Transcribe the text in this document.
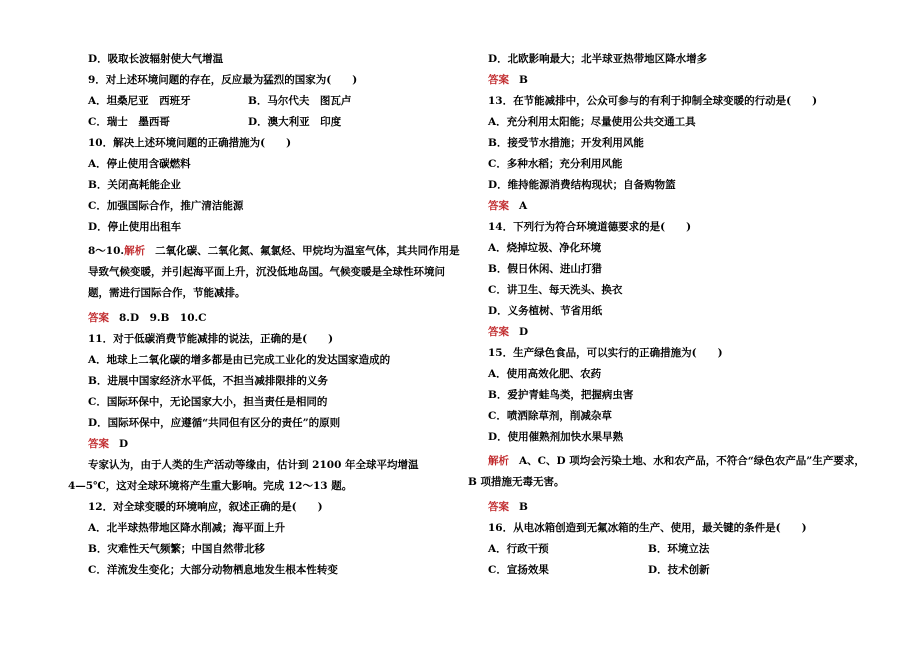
D．吸取长波辐射使大气增温
9．对上述环境问题的存在，反应最为猛烈的国家为(　　)
A．坦桑尼亚　西班牙	B．马尔代夫　图瓦卢
C．瑞士　墨西哥	D．澳大利亚　印度
10．解决上述环境问题的正确措施为(　　)
A．停止使用含碳燃料
B．关闭高耗能企业
C．加强国际合作，推广清洁能源
D．停止使用出租车
8～10.解析 二氧化碳、二氧化氮、氟氯烃、甲烷均为温室气体，其共同作用是导致气候变暖，并引起海平面上升，沉没低地岛国。气候变暖是全球性环境问题，需进行国际合作，节能减排。
答案 8.D　9.B　10.C
11．对于低碳消费节能减排的说法，正确的是(　　)
A．地球上二氧化碳的增多都是由已完成工业化的发达国家造成的
B．进展中国家经济水平低，不担当减排限排的义务
C．国际环保中，无论国家大小，担当责任是相同的
D．国际环保中，应遵循“共同但有区分的责任”的原则
答案 D
专家认为，由于人类的生产活动等缘由，估计到 2100 年全球平均增温
4—5℃，这对全球环境将产生重大影响。完成 12～13 题。
12．对全球变暖的环境响应，叙述正确的是(　　)
A．北半球热带地区降水削减；海平面上升
B．灾难性天气频繁；中国自然带北移
C．洋流发生变化；大部分动物栖息地发生根本性转变
D．北欧影响最大；北半球亚热带地区降水增多
答案 B
13．在节能减排中，公众可参与的有利于抑制全球变暖的行动是(　　)
A．充分利用太阳能；尽量使用公共交通工具
B．接受节水措施；开发利用风能
C．多种水稻；充分利用风能
D．维持能源消费结构现状；自备购物篮
答案 A
14．下列行为符合环境道德要求的是(　　)
A．烧掉垃圾、净化环境
B．假日休闲、进山打猎
C．讲卫生、每天洗头、换衣
D．义务植树、节省用纸
答案 D
15．生产绿色食品，可以实行的正确措施为(　　)
A．使用高效化肥、农药
B．爱护青蛙鸟类，把握病虫害
C．喷洒除草剂，削减杂草
D．使用催熟剂加快水果早熟
解析 A、C、D 项均会污染土地、水和农产品，不符合“绿色农产品”生产要求，B 项措施无毒无害。
答案 B
16．从电冰箱创造到无氟冰箱的生产、使用，最关键的条件是(　　)
A．行政干预	B．环境立法
C．宣扬效果	D．技术创新
